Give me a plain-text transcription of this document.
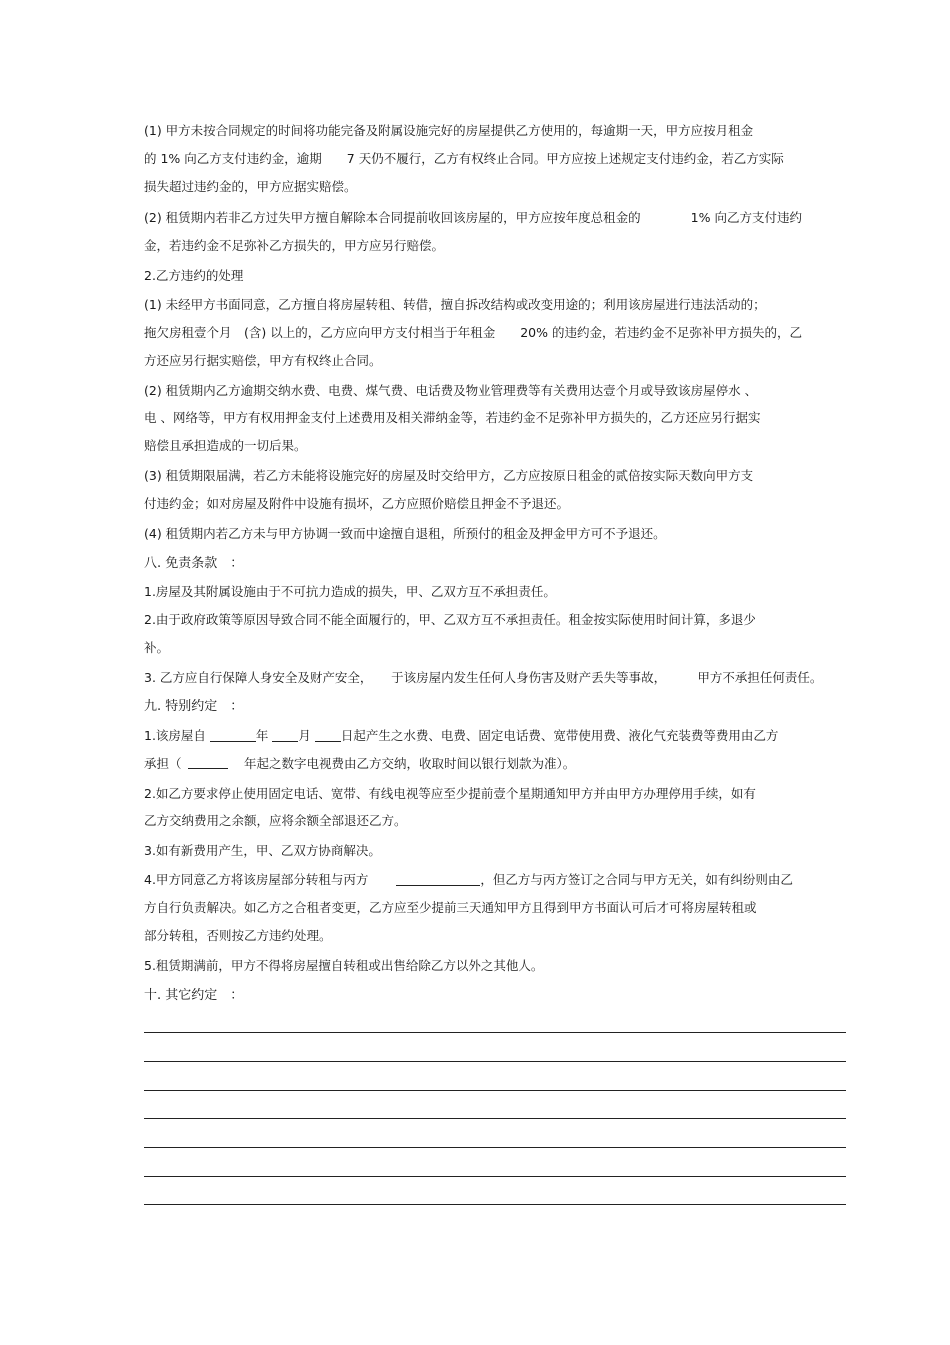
(1) 甲方未按合同规定的时间将功能完备及附属设施完好的房屋提供乙方使用的，每逾期一天，甲方应按月租金
的 1% 向乙方支付违约金，逾期　　7 天仍不履行，乙方有权终止合同。甲方应按上述规定支付违约金，若乙方实际
损失超过违约金的，甲方应据实赔偿。
(2) 租赁期内若非乙方过失甲方擅自解除本合同提前收回该房屋的，甲方应按年度总租金的　　　　1% 向乙方支付违约
金，若违约金不足弥补乙方损失的，甲方应另行赔偿。
2.乙方违约的处理
(1) 未经甲方书面同意，乙方擅自将房屋转租、转借，擅自拆改结构或改变用途的；利用该房屋进行违法活动的；
拖欠房租壹个月　(含) 以上的，乙方应向甲方支付相当于年租金　　20% 的违约金，若违约金不足弥补甲方损失的，乙
方还应另行据实赔偿，甲方有权终止合同。
(2) 租赁期内乙方逾期交纳水费、电费、煤气费、电话费及物业管理费等有关费用达壹个月或导致该房屋停水 、
电 、网络等，甲方有权用押金支付上述费用及相关滞纳金等，若违约金不足弥补甲方损失的，乙方还应另行据实
赔偿且承担造成的一切后果。
(3) 租赁期限届满，若乙方未能将设施完好的房屋及时交给甲方，乙方应按原日租金的贰倍按实际天数向甲方支
付违约金；如对房屋及附件中设施有损坏，乙方应照价赔偿且押金不予退还。
(4) 租赁期内若乙方未与甲方协调一致而中途擅自退租，所预付的租金及押金甲方可不予退还。
八. 免责条款　：
1.房屋及其附属设施由于不可抗力造成的损失，甲、乙双方互不承担责任。
2.由于政府政策等原因导致合同不能全面履行的，甲、乙双方互不承担责任。租金按实际使用时间计算，多退少
补。
3. 乙方应自行保障人身安全及财产安全，　　于该房屋内发生任何人身伤害及财产丢失等事故，　　　甲方不承担任何责任。
九. 特别约定　：
1.该房屋自	年 月 日起产生之水费、电费、固定电话费、宽带使用费、液化气充装费等费用由乙方
承担（　　　　　年起之数字电视费由乙方交纳，收取时间以银行划款为准）。
2.如乙方要求停止使用固定电话、宽带、有线电视等应至少提前壹个星期通知甲方并由甲方办理停用手续，如有
乙方交纳费用之余额，应将余额全部退还乙方。
3.如有新费用产生，甲、乙双方协商解决。
4.甲方同意乙方将该房屋部分转租与丙方	，但乙方与丙方签订之合同与甲方无关，如有纠纷则由乙
方自行负责解决。如乙方之合租者变更，乙方应至少提前三天通知甲方且得到甲方书面认可后才可将房屋转租或
部分转租，否则按乙方违约处理。
5.租赁期满前，甲方不得将房屋擅自转租或出售给除乙方以外之其他人。
十. 其它约定　：
